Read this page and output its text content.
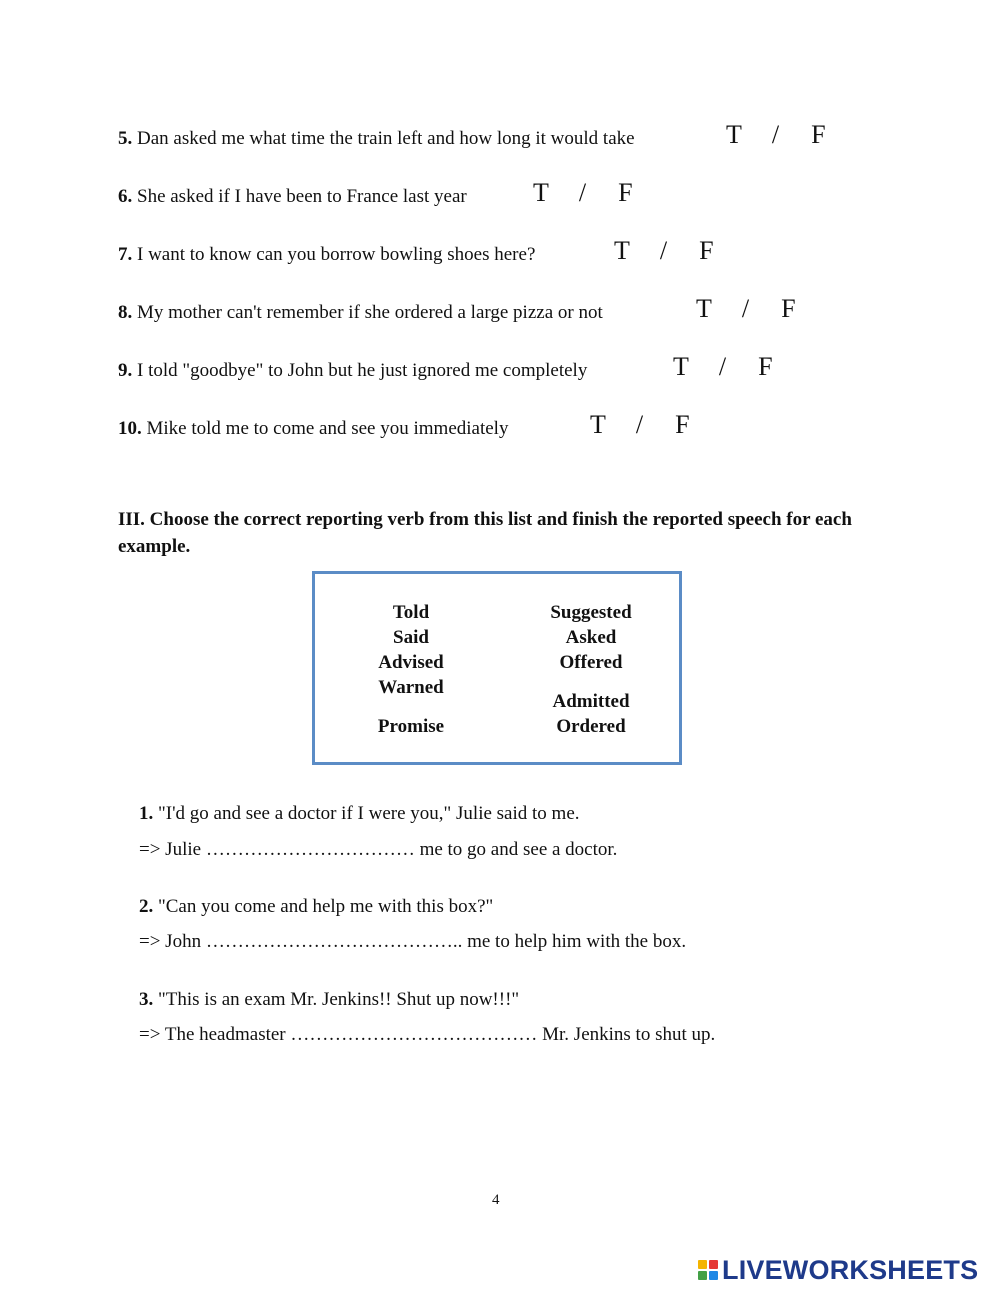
5. Dan asked me what time the train left and how long it would take	T / F
6. She asked if I have been to France last year	T / F
7. I want to know can you borrow bowling shoes here?	T / F
8. My mother can't remember if she ordered a large pizza or not	T / F
9. I told "goodbye" to John but he just ignored me completely	T / F
10. Mike told me to come and see you immediately	T / F
III. Choose the correct reporting verb from this list and finish the reported speech for each example.
Told
Said
Advised
Warned
Promise
Suggested
Asked
Offered
Admitted
Ordered
1. "I'd go and see a doctor if I were you," Julie said to me.
=> Julie …………………………… me to go and see a doctor.
2. "Can you come and help me with this box?"
=> John ………………………………….. me to help him with the box.
3. "This is an exam Mr. Jenkins!! Shut up now!!!"
=> The headmaster ………………………………… Mr. Jenkins to shut up.
4
LIVEWORKSHEETS
